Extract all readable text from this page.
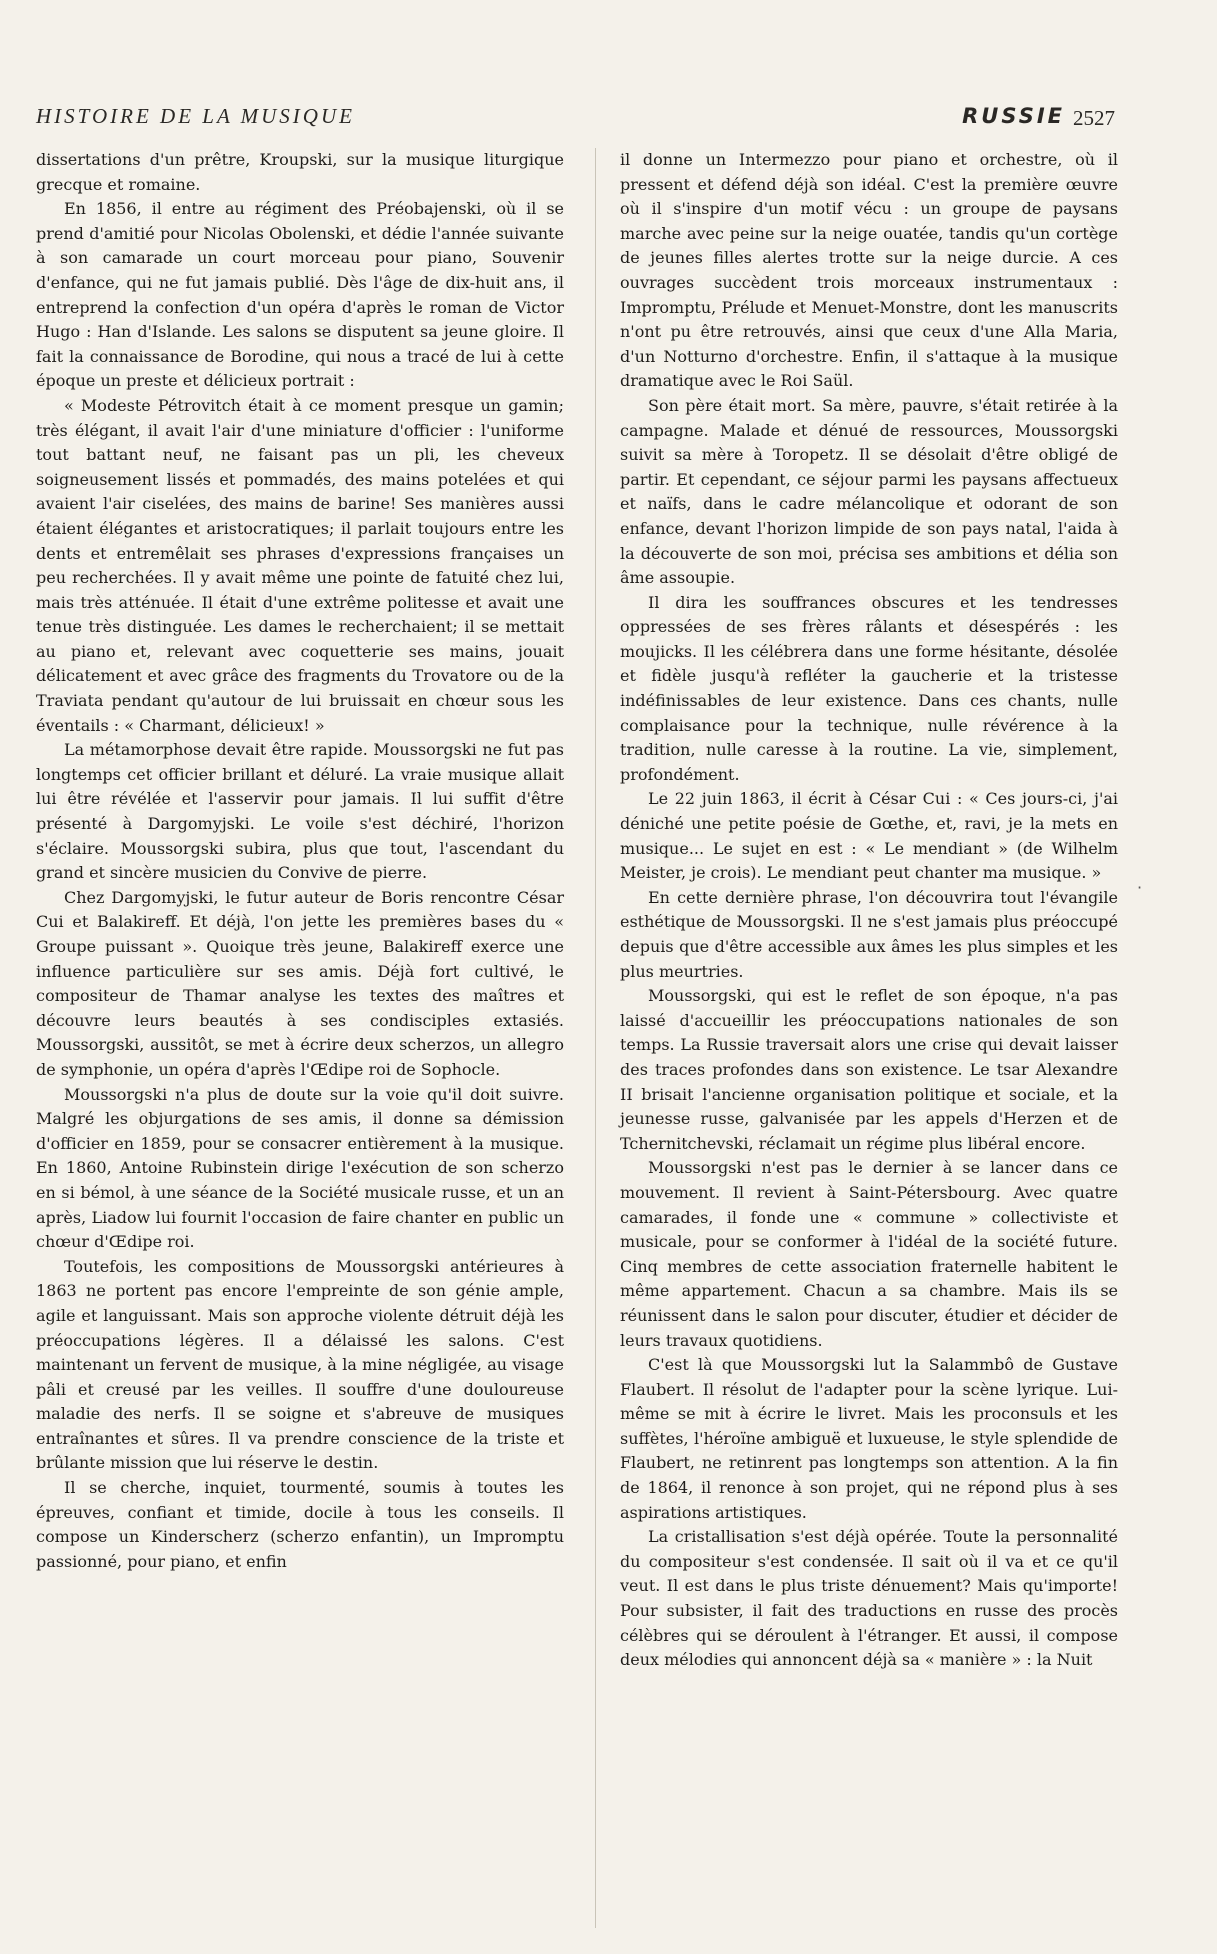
HISTOIRE DE LA MUSIQUE	RUSSIE 2527

dissertations d'un prêtre, Kroupski, sur la musique liturgique grecque et romaine.

En 1856, il entre au régiment des Préobajenski, où il se prend d'amitié pour Nicolas Obolenski, et dédie l'année suivante à son camarade un court morceau pour piano, Souvenir d'enfance, qui ne fut jamais publié. Dès l'âge de dix-huit ans, il entreprend la confection d'un opéra d'après le roman de Victor Hugo : Han d'Islande. Les salons se disputent sa jeune gloire. Il fait la connaissance de Borodine, qui nous a tracé de lui à cette époque un preste et délicieux portrait :

« Modeste Pétrovitch était à ce moment presque un gamin; très élégant, il avait l'air d'une miniature d'officier : l'uniforme tout battant neuf, ne faisant pas un pli, les cheveux soigneusement lissés et pommadés, des mains potelées et qui avaient l'air ciselées, des mains de barine! Ses manières aussi étaient élégantes et aristocratiques; il parlait toujours entre les dents et entremêlait ses phrases d'expressions françaises un peu recherchées. Il y avait même une pointe de fatuité chez lui, mais très atténuée. Il était d'une extrême politesse et avait une tenue très distinguée. Les dames le recherchaient; il se mettait au piano et, relevant avec coquetterie ses mains, jouait délicatement et avec grâce des fragments du Trovatore ou de la Traviata pendant qu'autour de lui bruissait en chœur sous les éventails : « Charmant, délicieux! »

La métamorphose devait être rapide. Moussorgski ne fut pas longtemps cet officier brillant et déluré. La vraie musique allait lui être révélée et l'asservir pour jamais. Il lui suffit d'être présenté à Dargomyjski. Le voile s'est déchiré, l'horizon s'éclaire. Moussorgski subira, plus que tout, l'ascendant du grand et sincère musicien du Convive de pierre.

Chez Dargomyjski, le futur auteur de Boris rencontre César Cui et Balakireff. Et déjà, l'on jette les premières bases du « Groupe puissant ». Quoique très jeune, Balakireff exerce une influence particulière sur ses amis. Déjà fort cultivé, le compositeur de Thamar analyse les textes des maîtres et découvre leurs beautés à ses condisciples extasiés. Moussorgski, aussitôt, se met à écrire deux scherzos, un allegro de symphonie, un opéra d'après l'Œdipe roi de Sophocle.

Moussorgski n'a plus de doute sur la voie qu'il doit suivre. Malgré les objurgations de ses amis, il donne sa démission d'officier en 1859, pour se consacrer entièrement à la musique. En 1860, Antoine Rubinstein dirige l'exécution de son scherzo en si bémol, à une séance de la Société musicale russe, et un an après, Liadow lui fournit l'occasion de faire chanter en public un chœur d'Œdipe roi.

Toutefois, les compositions de Moussorgski antérieures à 1863 ne portent pas encore l'empreinte de son génie ample, agile et languissant. Mais son approche violente détruit déjà les préoccupations légères. Il a délaissé les salons. C'est maintenant un fervent de musique, à la mine négligée, au visage pâli et creusé par les veilles. Il souffre d'une douloureuse maladie des nerfs. Il se soigne et s'abreuve de musiques entraînantes et sûres. Il va prendre conscience de la triste et brûlante mission que lui réserve le destin.

Il se cherche, inquiet, tourmenté, soumis à toutes les épreuves, confiant et timide, docile à tous les conseils. Il compose un Kinderscherz (scherzo enfantin), un Impromptu passionné, pour piano, et enfin

il donne un Intermezzo pour piano et orchestre, où il pressent et défend déjà son idéal. C'est la première œuvre où il s'inspire d'un motif vécu : un groupe de paysans marche avec peine sur la neige ouatée, tandis qu'un cortège de jeunes filles alertes trotte sur la neige durcie. A ces ouvrages succèdent trois morceaux instrumentaux : Impromptu, Prélude et Menuet-Monstre, dont les manuscrits n'ont pu être retrouvés, ainsi que ceux d'une Alla Maria, d'un Notturno d'orchestre. Enfin, il s'attaque à la musique dramatique avec le Roi Saül.

Son père était mort. Sa mère, pauvre, s'était retirée à la campagne. Malade et dénué de ressources, Moussorgski suivit sa mère à Toropetz. Il se désolait d'être obligé de partir. Et cependant, ce séjour parmi les paysans affectueux et naïfs, dans le cadre mélancolique et odorant de son enfance, devant l'horizon limpide de son pays natal, l'aida à la découverte de son moi, précisa ses ambitions et délia son âme assoupie.

Il dira les souffrances obscures et les tendresses oppressées de ses frères râlants et désespérés : les moujicks. Il les célébrera dans une forme hésitante, désolée et fidèle jusqu'à refléter la gaucherie et la tristesse indéfinissables de leur existence. Dans ces chants, nulle complaisance pour la technique, nulle révérence à la tradition, nulle caresse à la routine. La vie, simplement, profondément.

Le 22 juin 1863, il écrit à César Cui : « Ces jours-ci, j'ai déniché une petite poésie de Gœthe, et, ravi, je la mets en musique... Le sujet en est : « Le mendiant » (de Wilhelm Meister, je crois). Le mendiant peut chanter ma musique. »

En cette dernière phrase, l'on découvrira tout l'évangile esthétique de Moussorgski. Il ne s'est jamais plus préoccupé depuis que d'être accessible aux âmes les plus simples et les plus meurtries.

Moussorgski, qui est le reflet de son époque, n'a pas laissé d'accueillir les préoccupations nationales de son temps. La Russie traversait alors une crise qui devait laisser des traces profondes dans son existence. Le tsar Alexandre II brisait l'ancienne organisation politique et sociale, et la jeunesse russe, galvanisée par les appels d'Herzen et de Tchernitchevski, réclamait un régime plus libéral encore.

Moussorgski n'est pas le dernier à se lancer dans ce mouvement. Il revient à Saint-Pétersbourg. Avec quatre camarades, il fonde une « commune » collectiviste et musicale, pour se conformer à l'idéal de la société future. Cinq membres de cette association fraternelle habitent le même appartement. Chacun a sa chambre. Mais ils se réunissent dans le salon pour discuter, étudier et décider de leurs travaux quotidiens.

C'est là que Moussorgski lut la Salammbô de Gustave Flaubert. Il résolut de l'adapter pour la scène lyrique. Lui-même se mit à écrire le livret. Mais les proconsuls et les suffètes, l'héroïne ambiguë et luxueuse, le style splendide de Flaubert, ne retinrent pas longtemps son attention. A la fin de 1864, il renonce à son projet, qui ne répond plus à ses aspirations artistiques.

La cristallisation s'est déjà opérée. Toute la personnalité du compositeur s'est condensée. Il sait où il va et ce qu'il veut. Il est dans le plus triste dénuement? Mais qu'importe! Pour subsister, il fait des traductions en russe des procès célèbres qui se déroulent à l'étranger. Et aussi, il compose deux mélodies qui annoncent déjà sa « manière » : la Nuit

·
